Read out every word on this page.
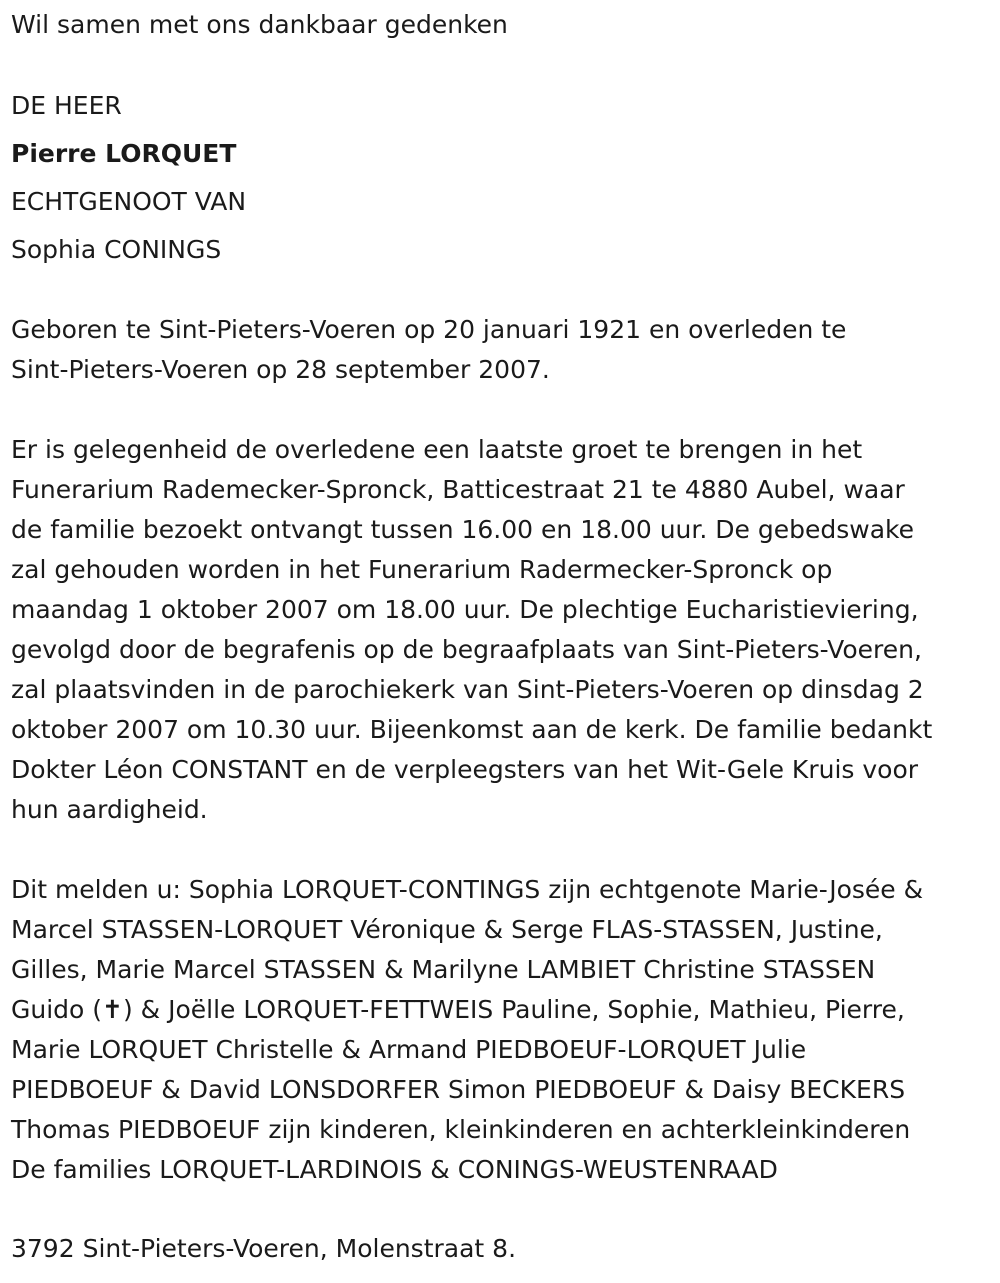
Wil samen met ons dankbaar gedenken
DE HEER
Pierre LORQUET
ECHTGENOOT VAN
Sophia CONINGS
Geboren te Sint-Pieters-Voeren op 20 januari 1921 en overleden te
Sint-Pieters-Voeren op 28 september 2007.
Er is gelegenheid de overledene een laatste groet te brengen in het
Funerarium Rademecker-Spronck, Batticestraat 21 te 4880 Aubel, waar
de familie bezoekt ontvangt tussen 16.00 en 18.00 uur. De gebedswake
zal gehouden worden in het Funerarium Radermecker-Spronck op
maandag 1 oktober 2007 om 18.00 uur. De plechtige Eucharistieviering,
gevolgd door de begrafenis op de begraafplaats van Sint-Pieters-Voeren,
zal plaatsvinden in de parochiekerk van Sint-Pieters-Voeren op dinsdag 2
oktober 2007 om 10.30 uur. Bijeenkomst aan de kerk. De familie bedankt
Dokter Léon CONSTANT en de verpleegsters van het Wit-Gele Kruis voor
hun aardigheid.
Dit melden u: Sophia LORQUET-CONTINGS zijn echtgenote Marie-Josée &
Marcel STASSEN-LORQUET Véronique & Serge FLAS-STASSEN, Justine,
Gilles, Marie Marcel STASSEN & Marilyne LAMBIET Christine STASSEN
Guido (✝) & Joëlle LORQUET-FETTWEIS Pauline, Sophie, Mathieu, Pierre,
Marie LORQUET Christelle & Armand PIEDBOEUF-LORQUET Julie
PIEDBOEUF & David LONSDORFER Simon PIEDBOEUF & Daisy BECKERS
Thomas PIEDBOEUF zijn kinderen, kleinkinderen en achterkleinkinderen
De families LORQUET-LARDINOIS & CONINGS-WEUSTENRAAD
3792 Sint-Pieters-Voeren, Molenstraat 8.
